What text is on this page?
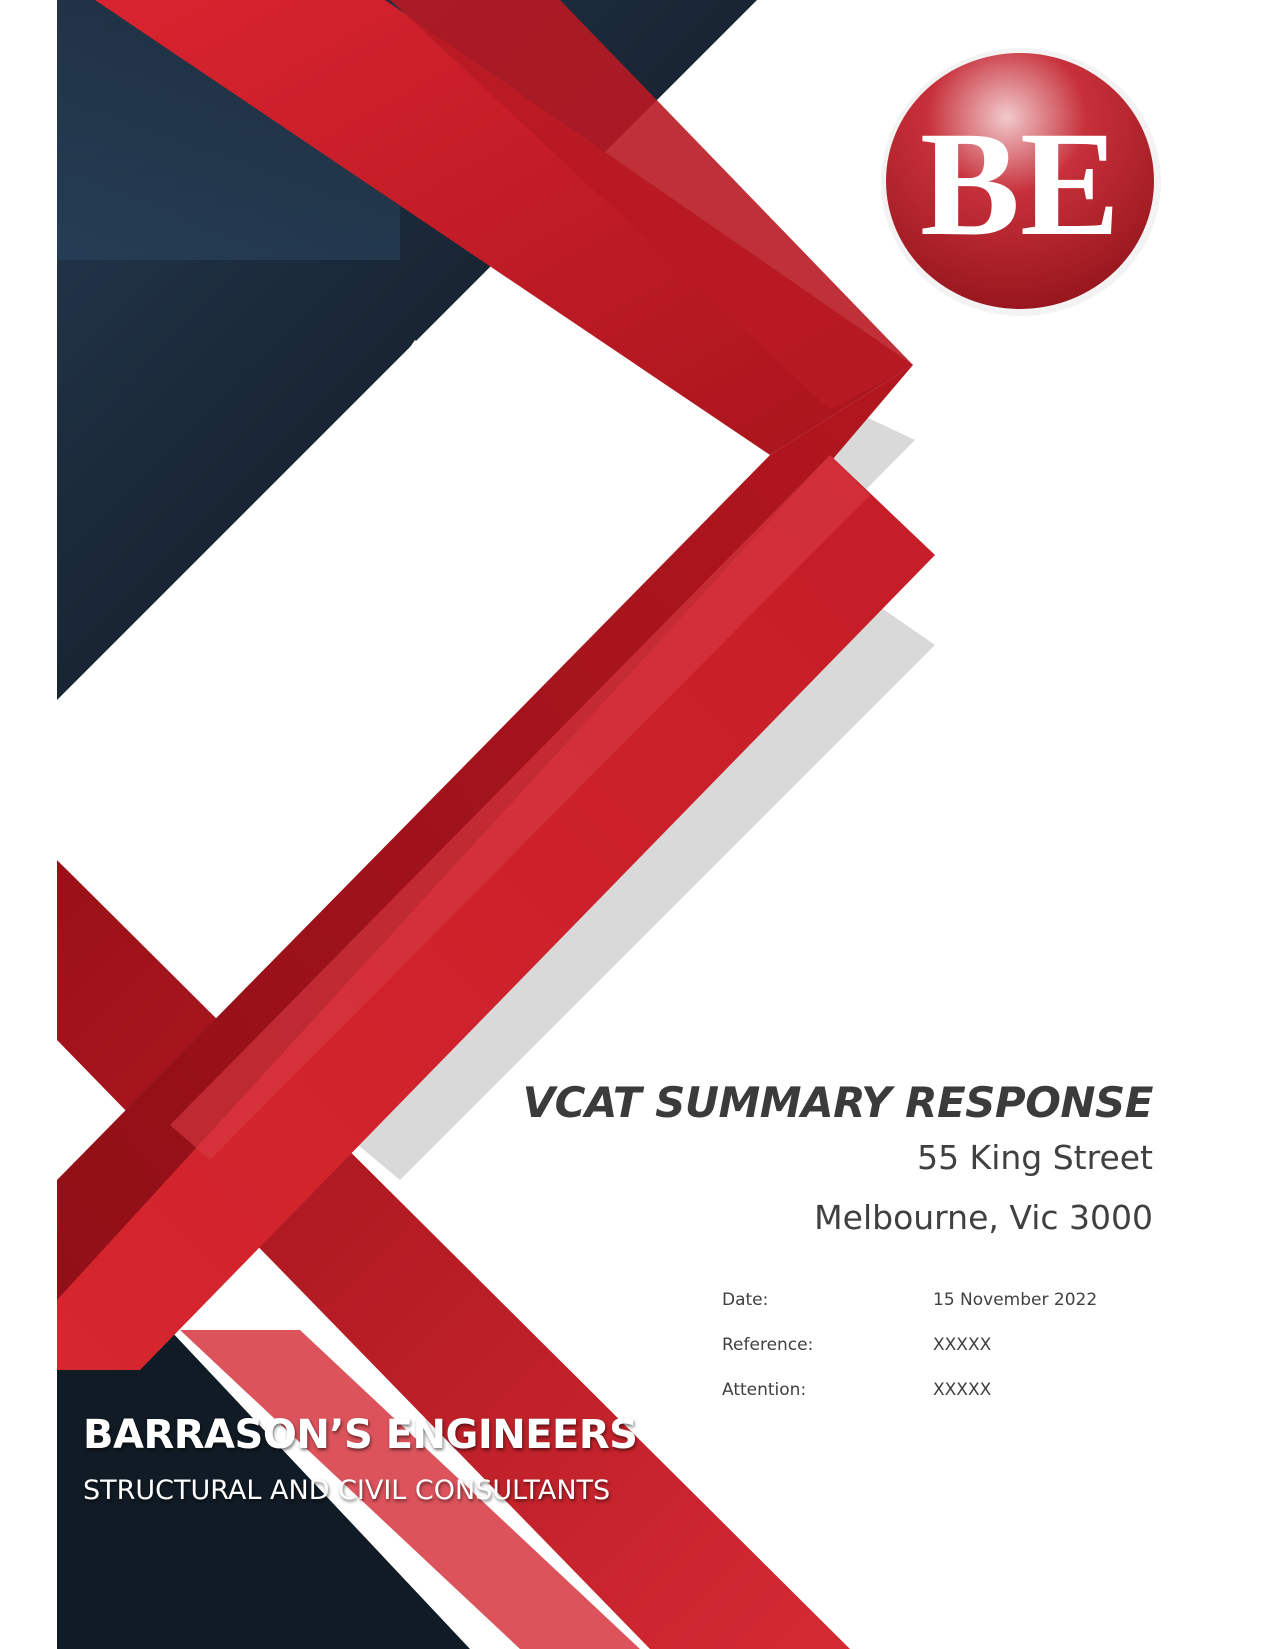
BE
VCAT SUMMARY RESPONSE
55 King Street
Melbourne, Vic 3000
Date:	15 November 2022
Reference:	XXXXX
Attention:	XXXXX
BARRASON’S ENGINEERS
STRUCTURAL AND CIVIL CONSULTANTS
